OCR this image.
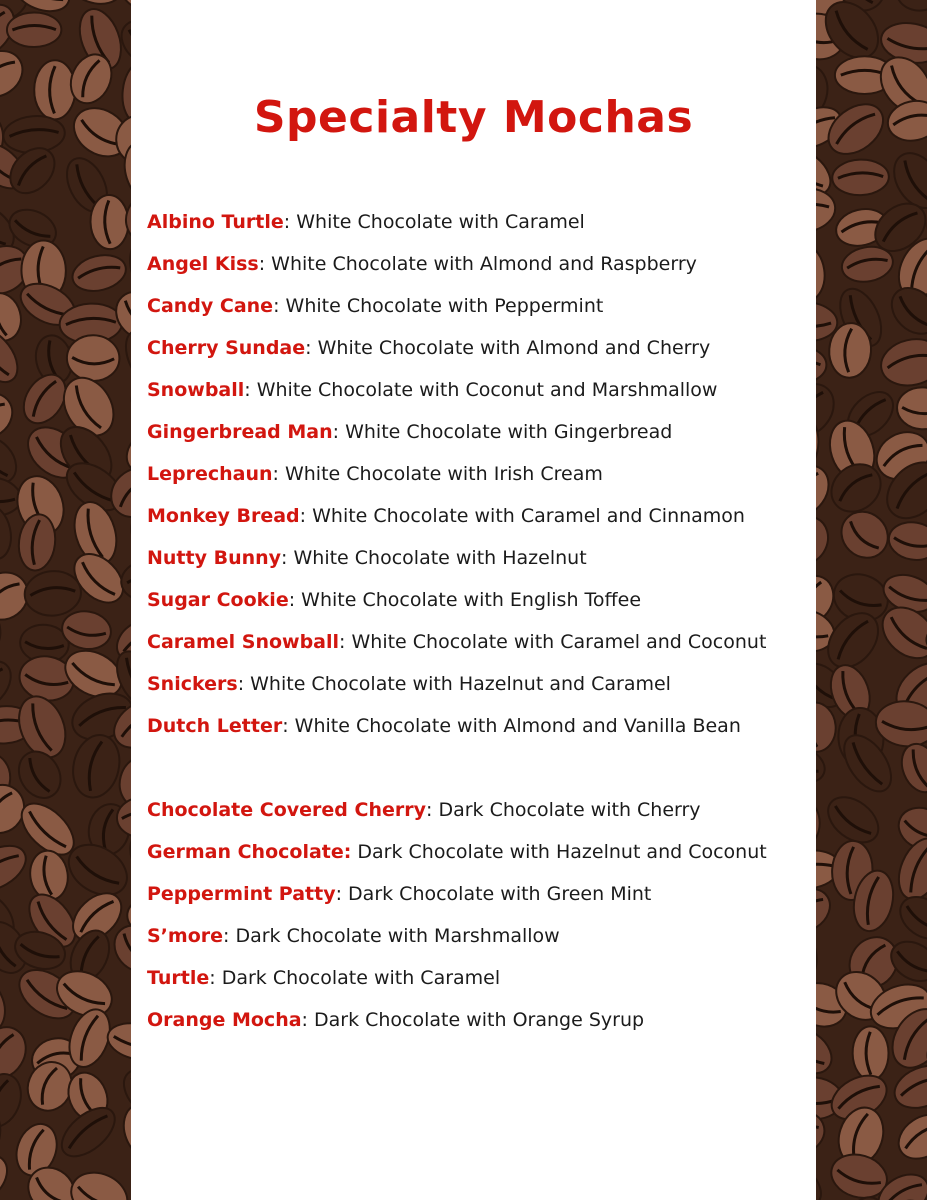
Specialty Mochas
Albino Turtle: White Chocolate with Caramel
Angel Kiss: White Chocolate with Almond and Raspberry
Candy Cane: White Chocolate with Peppermint
Cherry Sundae: White Chocolate with Almond and Cherry
Snowball: White Chocolate with Coconut and Marshmallow
Gingerbread Man: White Chocolate with Gingerbread
Leprechaun: White Chocolate with Irish Cream
Monkey Bread: White Chocolate with Caramel and Cinnamon
Nutty Bunny: White Chocolate with Hazelnut
Sugar Cookie: White Chocolate with English Toffee
Caramel Snowball: White Chocolate with Caramel and Coconut
Snickers: White Chocolate with Hazelnut and Caramel
Dutch Letter: White Chocolate with Almond and Vanilla Bean
Chocolate Covered Cherry: Dark Chocolate with Cherry
German Chocolate: Dark Chocolate with Hazelnut and Coconut
Peppermint Patty: Dark Chocolate with Green Mint
S’more: Dark Chocolate with Marshmallow
Turtle: Dark Chocolate with Caramel
Orange Mocha: Dark Chocolate with Orange Syrup
